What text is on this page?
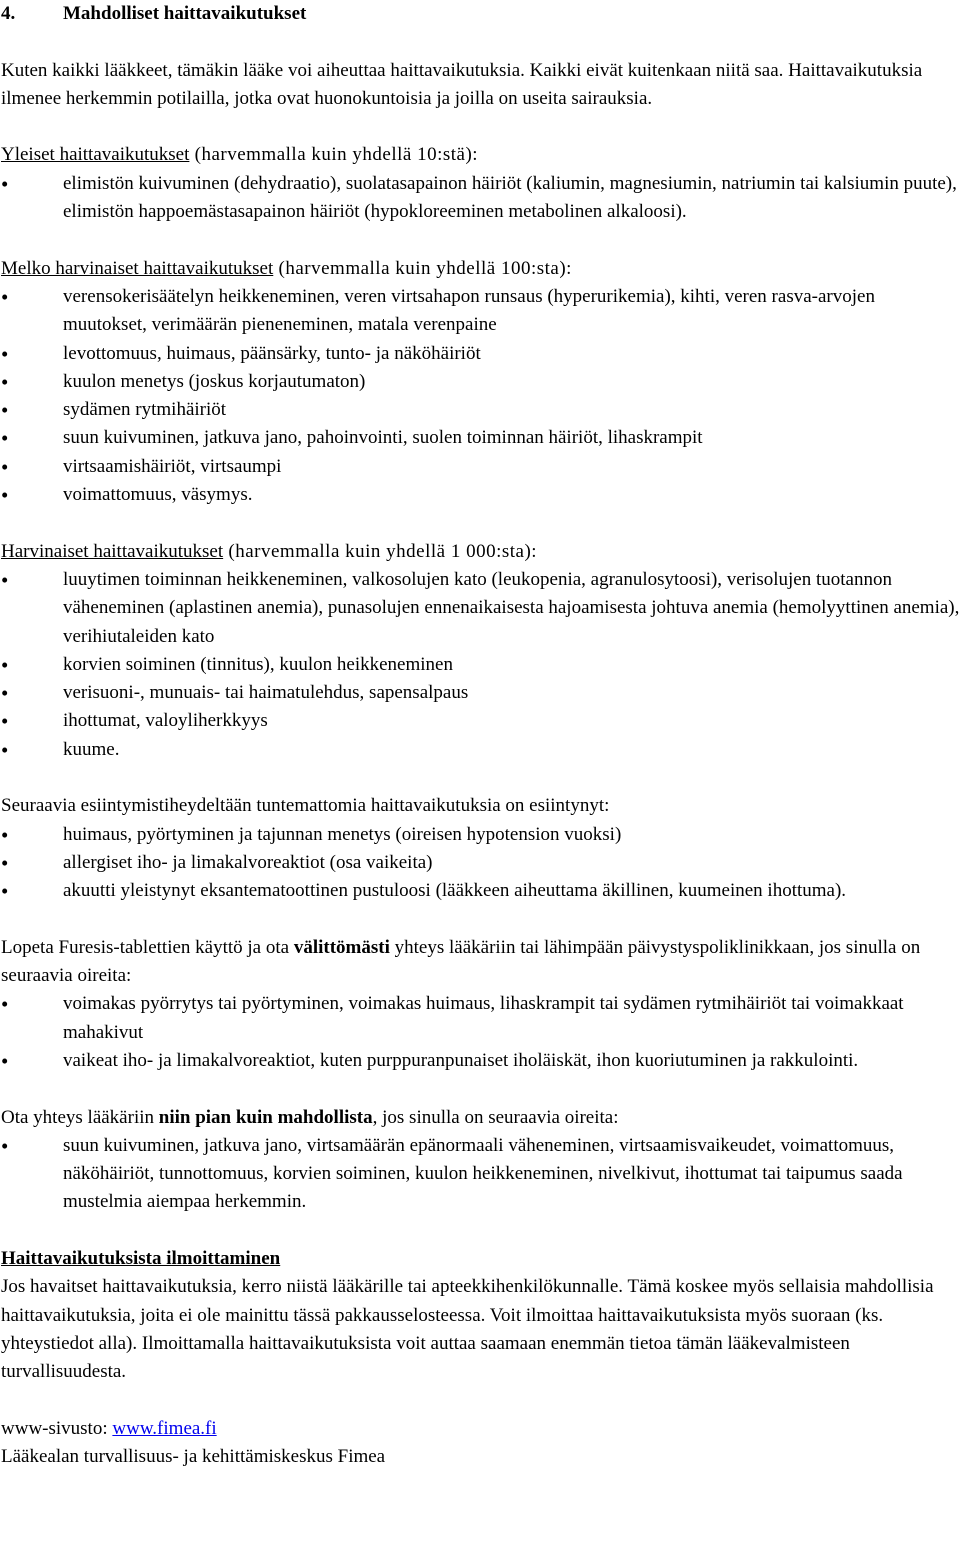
4.	Mahdolliset haittavaikutukset

Kuten kaikki lääkkeet, tämäkin lääke voi aiheuttaa haittavaikutuksia. Kaikki eivät kuitenkaan niitä saa. Haittavaikutuksia ilmenee herkemmin potilailla, jotka ovat huonokuntoisia ja joilla on useita sairauksia.

Yleiset haittavaikutukset (harvemmalla kuin yhdellä 10:stä):

• elimistön kuivuminen (dehydraatio), suolatasapainon häiriöt (kaliumin, magnesiumin, natriumin tai kalsiumin puute), elimistön happoemästasapainon häiriöt (hypokloreeminen metabolinen alkaloosi).

Melko harvinaiset haittavaikutukset (harvemmalla kuin yhdellä 100:sta):

• verensokerisäätelyn heikkeneminen, veren virtsahapon runsaus (hyperurikemia), kihti, veren rasva-arvojen muutokset, verimäärän pieneneminen, matala verenpaine
• levottomuus, huimaus, päänsärky, tunto- ja näköhäiriöt
• kuulon menetys (joskus korjautumaton)
• sydämen rytmihäiriöt
• suun kuivuminen, jatkuva jano, pahoinvointi, suolen toiminnan häiriöt, lihaskrampit
• virtsaamishäiriöt, virtsaumpi
• voimattomuus, väsymys.

Harvinaiset haittavaikutukset (harvemmalla kuin yhdellä 1 000:sta):

• luuytimen toiminnan heikkeneminen, valkosolujen kato (leukopenia, agranulosytoosi), verisolujen tuotannon väheneminen (aplastinen anemia), punasolujen ennenaikaisesta hajoamisesta johtuva anemia (hemolyyttinen anemia), verihiutaleiden kato
• korvien soiminen (tinnitus), kuulon heikkeneminen
• verisuoni-, munuais- tai haimatulehdus, sapensalpaus
• ihottumat, valoyliherkkyys
• kuume.

Seuraavia esiintymistiheydeltään tuntemattomia haittavaikutuksia on esiintynyt:

• huimaus, pyörtyminen ja tajunnan menetys (oireisen hypotension vuoksi)
• allergiset iho- ja limakalvoreaktiot (osa vaikeita)
• akuutti yleistynyt eksantematoottinen pustuloosi (lääkkeen aiheuttama äkillinen, kuumeinen ihottuma).

Lopeta Furesis-tablettien käyttö ja ota välittömästi yhteys lääkäriin tai lähimpään päivystyspoliklinikkaan, jos sinulla on seuraavia oireita:

• voimakas pyörrytys tai pyörtyminen, voimakas huimaus, lihaskrampit tai sydämen rytmihäiriöt tai voimakkaat mahakivut
• vaikeat iho- ja limakalvoreaktiot, kuten purppuranpunaiset iholäiskät, ihon kuoriutuminen ja rakkulointi.

Ota yhteys lääkäriin niin pian kuin mahdollista, jos sinulla on seuraavia oireita:

• suun kuivuminen, jatkuva jano, virtsamäärän epänormaali väheneminen, virtsaamisvaikeudet, voimattomuus, näköhäiriöt, tunnottomuus, korvien soiminen, kuulon heikkeneminen, nivelkivut, ihottumat tai taipumus saada mustelmia aiempaa herkemmin.

Haittavaikutuksista ilmoittaminen

Jos havaitset haittavaikutuksia, kerro niistä lääkärille tai apteekkihenkilökunnalle. Tämä koskee myös sellaisia mahdollisia haittavaikutuksia, joita ei ole mainittu tässä pakkausselosteessa. Voit ilmoittaa haittavaikutuksista myös suoraan (ks. yhteystiedot alla). Ilmoittamalla haittavaikutuksista voit auttaa saamaan enemmän tietoa tämän lääkevalmisteen turvallisuudesta.

www-sivusto: www.fimea.fi

Lääkealan turvallisuus- ja kehittämiskeskus Fimea
